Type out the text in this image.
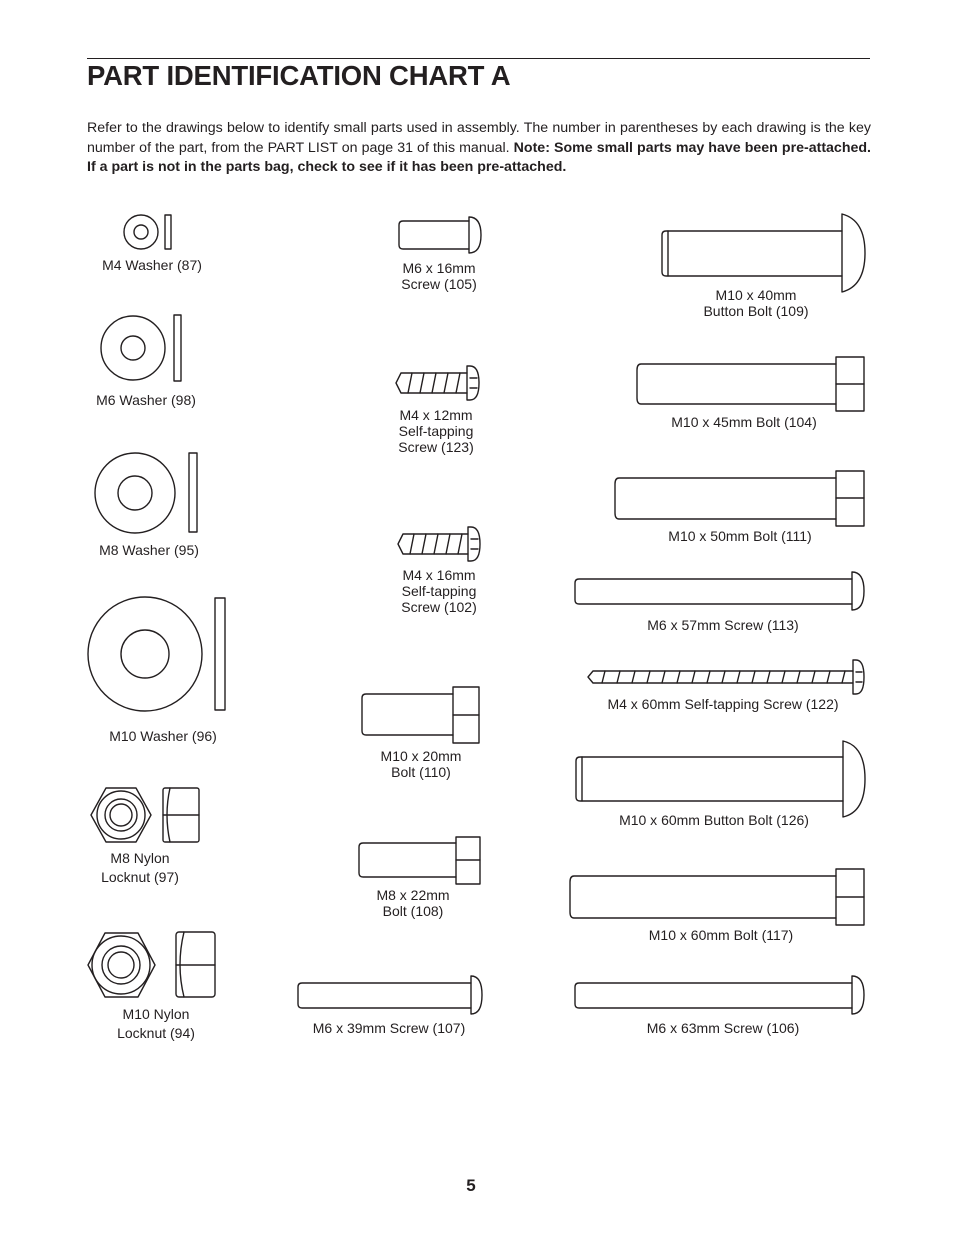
PART IDENTIFICATION CHART A

Refer to the drawings below to identify small parts used in assembly. The number in parentheses by each drawing is the key number of the part, from the PART LIST on page 31 of this manual. Note: Some small parts may have been pre-attached. If a part is not in the parts bag, check to see if it has been pre-attached.

M4 Washer (87)
M6 Washer (98)
M8 Washer (95)
M10 Washer (96)
M8 Nylon
Locknut (97)
M10 Nylon
Locknut (94)
M6 x 16mm
Screw (105)
M4 x 12mm
Self-tapping
Screw (123)
M4 x 16mm
Self-tapping
Screw (102)
M10 x 20mm
Bolt (110)
M8 x 22mm
Bolt (108)
M6 x 39mm Screw (107)
M10 x 40mm
Button Bolt (109)
M10 x 45mm Bolt (104)
M10 x 50mm Bolt (111)
M6 x 57mm Screw (113)
M4 x 60mm Self-tapping Screw (122)
M10 x 60mm Button Bolt (126)
M10 x 60mm Bolt (117)
M6 x 63mm Screw (106)
5
